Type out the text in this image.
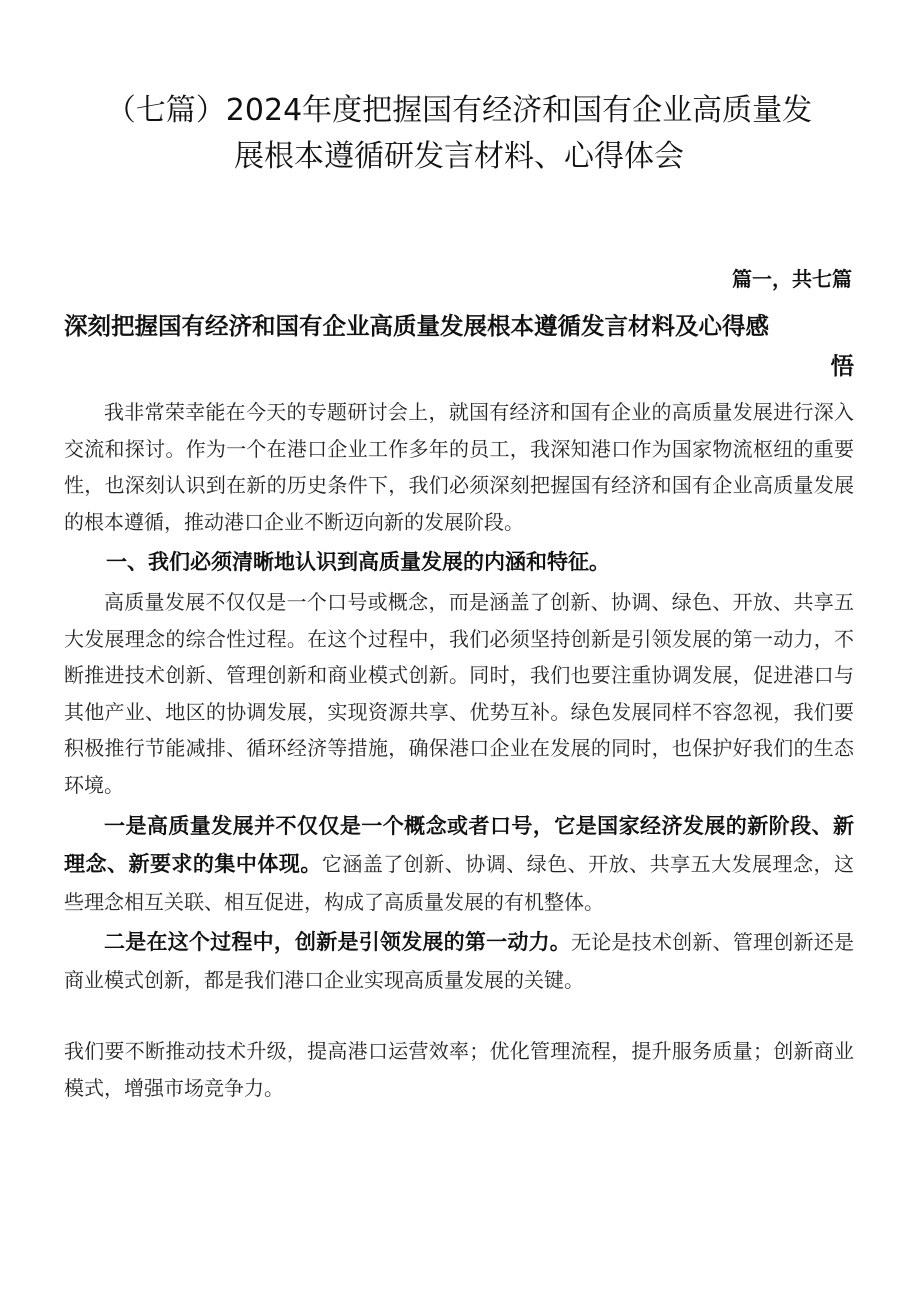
（七篇）2024年度把握国有经济和国有企业高质量发
展根本遵循研发言材料、心得体会
篇一，共七篇
深刻把握国有经济和国有企业高质量发展根本遵循发言材料及心得感
悟

我非常荣幸能在今天的专题研讨会上，就国有经济和国有企业的高质量发展进行深入交流和探讨。作为一个在港口企业工作多年的员工，我深知港口作为国家物流枢纽的重要性，也深刻认识到在新的历史条件下，我们必须深刻把握国有经济和国有企业高质量发展的根本遵循，推动港口企业不断迈向新的发展阶段。

一、我们必须清晰地认识到高质量发展的内涵和特征。

高质量发展不仅仅是一个口号或概念，而是涵盖了创新、协调、绿色、开放、共享五大发展理念的综合性过程。在这个过程中，我们必须坚持创新是引领发展的第一动力，不断推进技术创新、管理创新和商业模式创新。同时，我们也要注重协调发展，促进港口与其他产业、地区的协调发展，实现资源共享、优势互补。绿色发展同样不容忽视，我们要积极推行节能减排、循环经济等措施，确保港口企业在发展的同时，也保护好我们的生态环境。

一是高质量发展并不仅仅是一个概念或者口号，它是国家经济发展的新阶段、新理念、新要求的集中体现。它涵盖了创新、协调、绿色、开放、共享五大发展理念，这些理念相互关联、相互促进，构成了高质量发展的有机整体。

二是在这个过程中，创新是引领发展的第一动力。无论是技术创新、管理创新还是商业模式创新，都是我们港口企业实现高质量发展的关键。

我们要不断推动技术升级，提高港口运营效率；优化管理流程，提升服务质量；创新商业模式，增强市场竞争力。
